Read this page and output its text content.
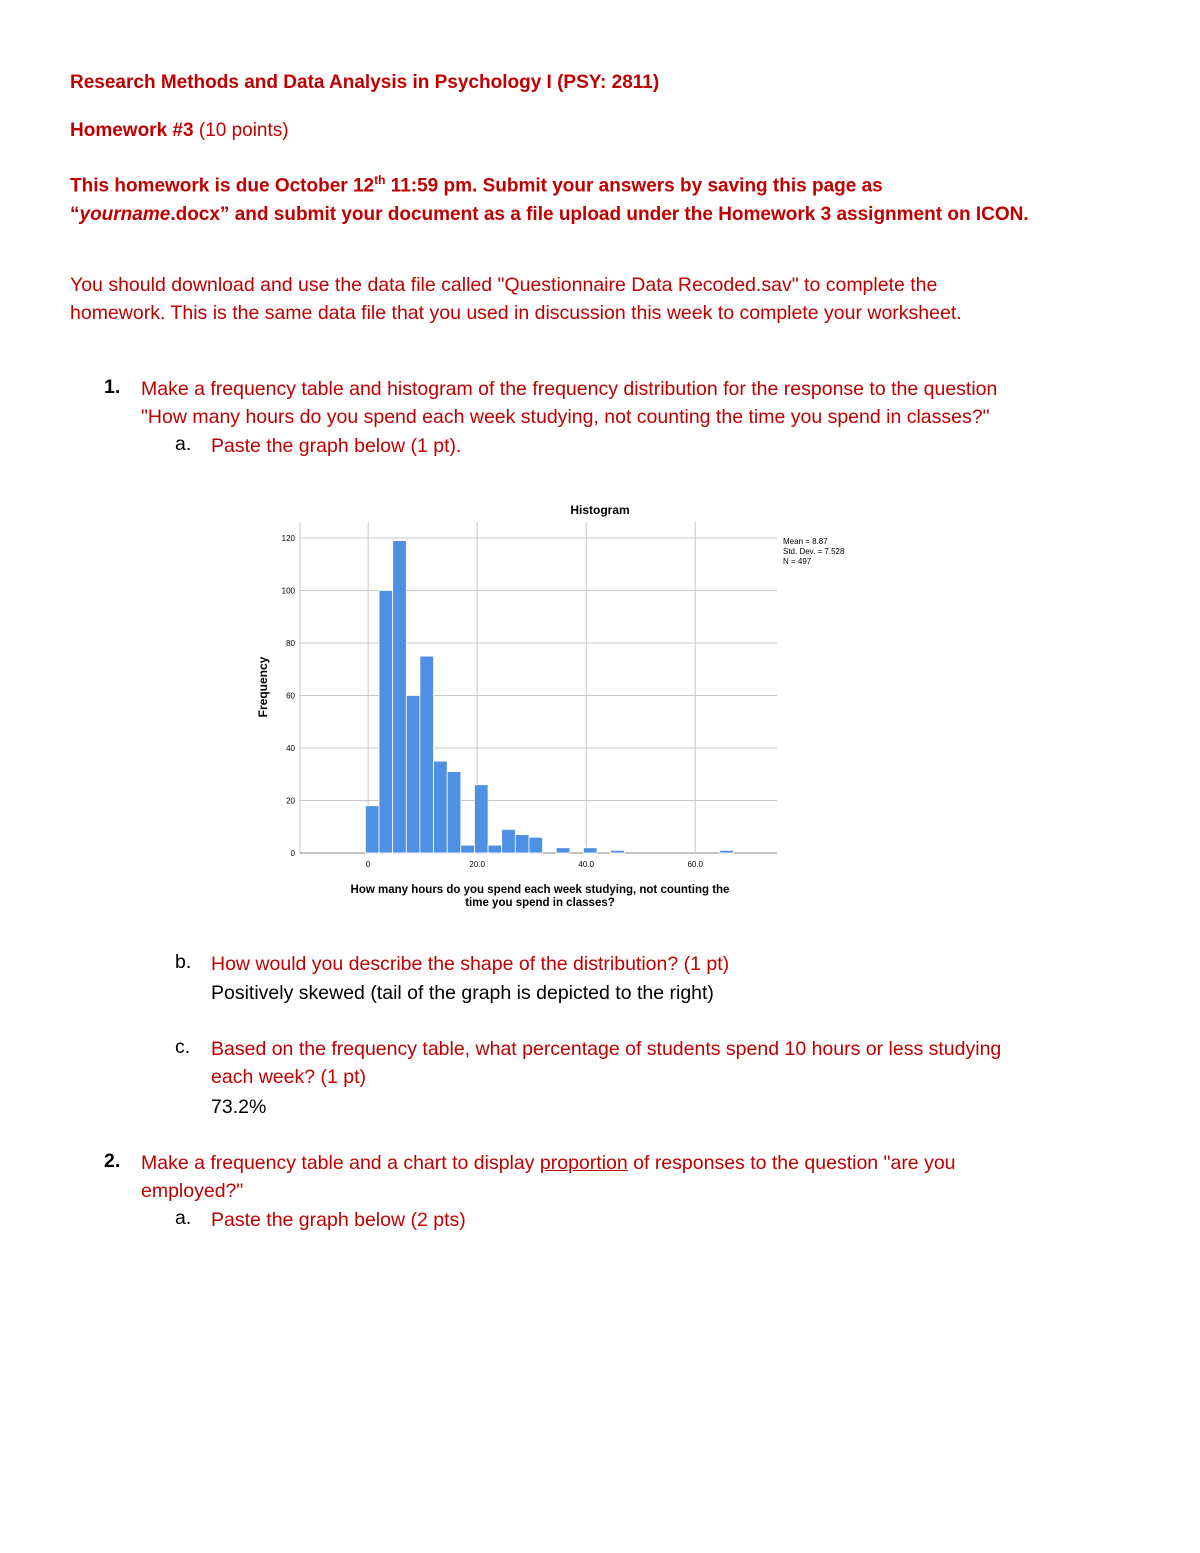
Research Methods and Data Analysis in Psychology I (PSY: 2811)
Homework #3 (10 points)
This homework is due October 12th 11:59 pm. Submit your answers by saving this page as
“yourname.docx” and submit your document as a file upload under the Homework 3 assignment on ICON.
You should download and use the data file called "Questionnaire Data Recoded.sav" to complete the
homework. This is the same data file that you used in discussion this week to complete your worksheet.
1. Make a frequency table and histogram of the frequency distribution for the response to the question
"How many hours do you spend each week studying, not counting the time you spend in classes?"
a. Paste the graph below (1 pt).
Histogram
0
20
40
60
80
100
120
0	20.0	40.0	60.0
Frequency
How many hours do you spend each week studying, not counting the
time you spend in classes?
Mean = 8.87
Std. Dev. = 7.528
N = 497
b. How would you describe the shape of the distribution? (1 pt)
Positively skewed (tail of the graph is depicted to the right)
c. Based on the frequency table, what percentage of students spend 10 hours or less studying
each week? (1 pt)
73.2%
2. Make a frequency table and a chart to display proportion of responses to the question "are you
employed?"
a. Paste the graph below (2 pts)
